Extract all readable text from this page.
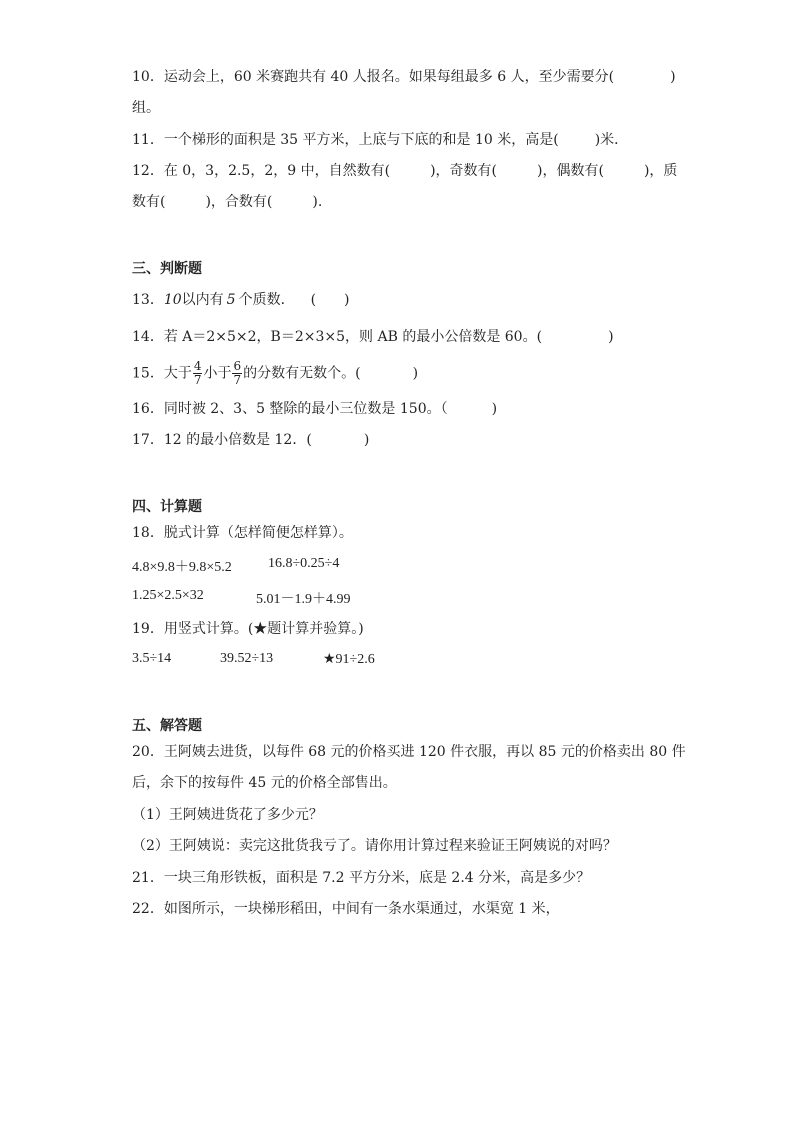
10．运动会上，60 米赛跑共有 40 人报名。如果每组最多 6 人，至少需要分(	)
组。
11．一个梯形的面积是 35 平方米，上底与下底的和是 10 米，高是(	)米．
12．在 0，3，2.5，2，9 中，自然数有(	)，奇数有(	)，偶数有(	)，质
数有(	)，合数有(	).
三、判断题
13．10以内有 5 个质数． (　　)
14．若 A＝2×5×2，B＝2×3×5，则 AB 的最小公倍数是 60。(	)
15．大于 $\frac{4}{7}$ 小于 $\frac{6}{7}$ 的分数有无数个。(	)
16．同时被 2、3、5 整除的最小三位数是 150。（	)
17．12 的最小倍数是 12．(	)
四、计算题
18．脱式计算（怎样简便怎样算）。
4.8×9.8＋9.8×5.2	16.8÷0.25÷4
1.25×2.5×32	5.01－1.9＋4.99
19．用竖式计算。(★题计算并验算。)
3.5÷14	39.52÷13	★91÷2.6
五、解答题
20．王阿姨去进货，以每件 68 元的价格买进 120 件衣服，再以 85 元的价格卖出 80 件
后，余下的按每件 45 元的价格全部售出。
（1）王阿姨进货花了多少元？
（2）王阿姨说：卖完这批货我亏了。请你用计算过程来验证王阿姨说的对吗？
21．一块三角形铁板，面积是 7.2 平方分米，底是 2.4 分米，高是多少？
22．如图所示，一块梯形稻田，中间有一条水渠通过，水渠宽 1 米，
